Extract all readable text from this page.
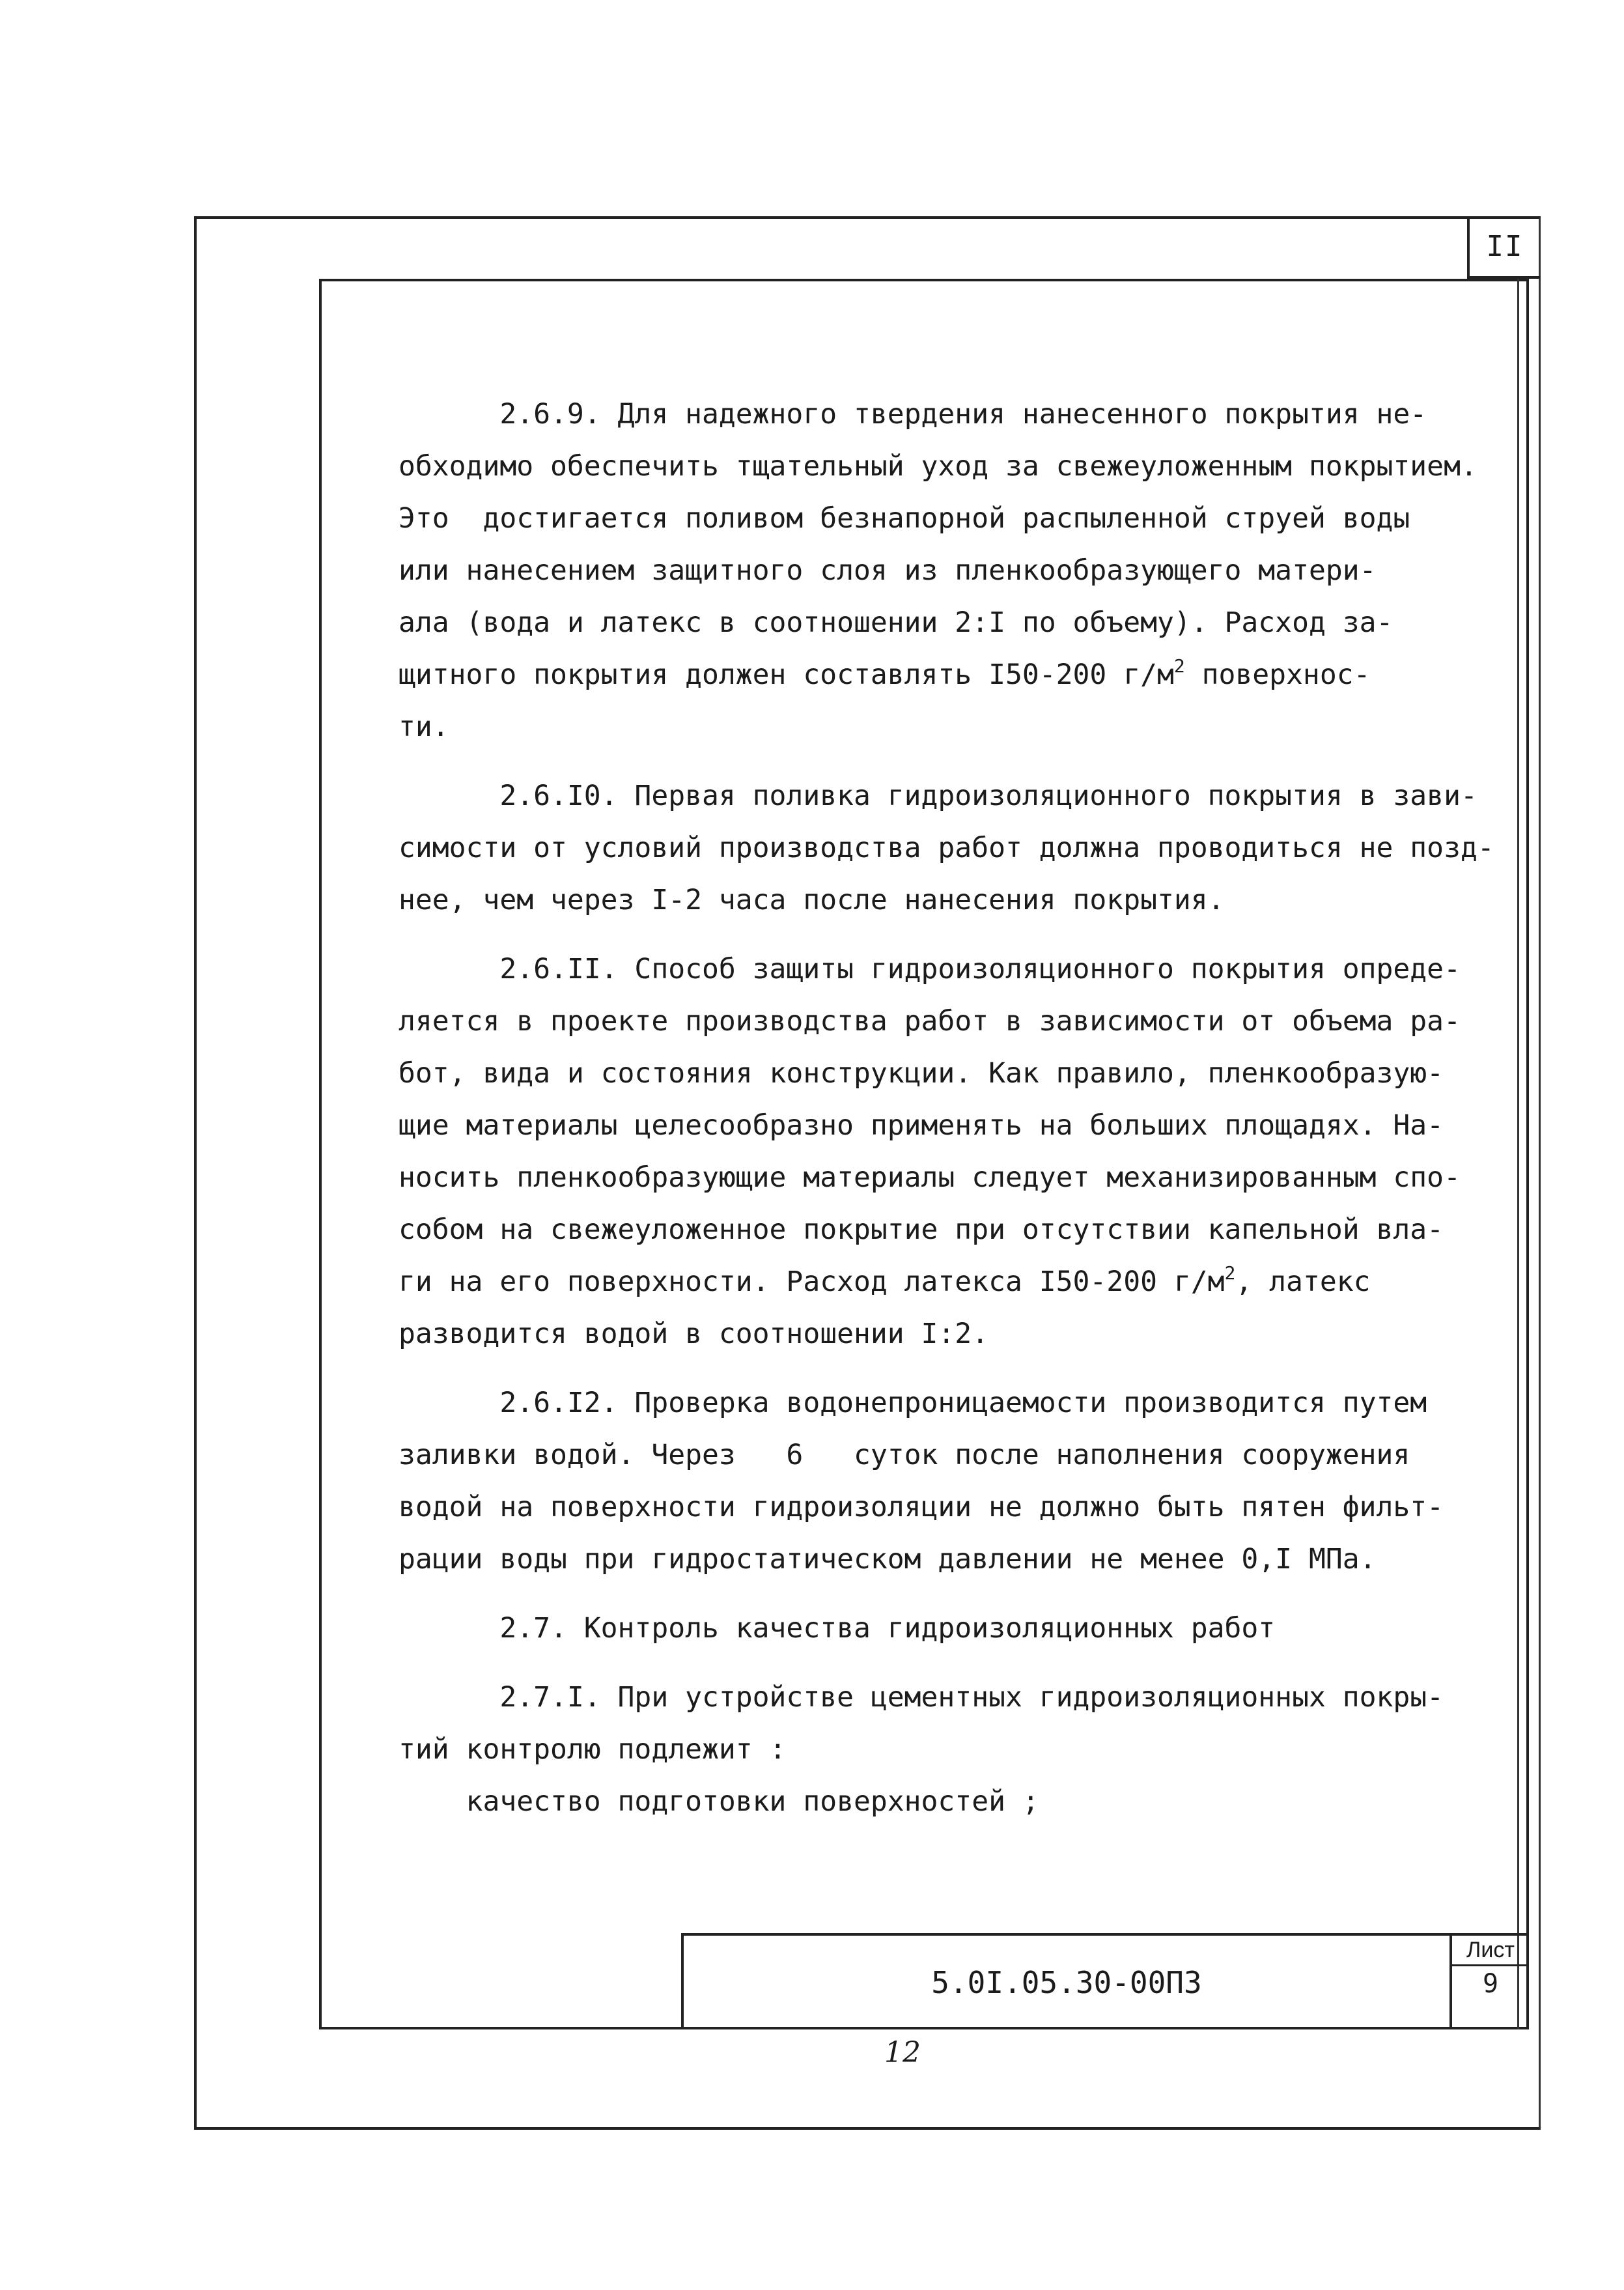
II
2.6.9. Для надежного твердения нанесенного покрытия не-
обходимо обеспечить тщательный уход за свежеуложенным покрытием.
Это  достигается поливом безнапорной распыленной струей воды
или нанесением защитного слоя из пленкообразующего матери-
ала (вода и латекс в соотношении 2:I по объему). Расход за-
щитного покрытия должен составлять I50-200 $г/м^2$ поверхнос-
ти.
2.6.I0. Первая поливка гидроизоляционного покрытия в зави-
симости от условий производства работ должна проводиться не позд-
нее, чем через I-2 часа после нанесения покрытия.
2.6.II. Способ защиты гидроизоляционного покрытия опреде-
ляется в проекте производства работ в зависимости от объема ра-
бот, вида и состояния конструкции. Как правило, пленкообразую-
щие материалы целесообразно применять на больших площадях. На-
носить пленкообразующие материалы следует механизированным спо-
собом на свежеуложенное покрытие при отсутствии капельной вла-
ги на его поверхности. Расход латекса I50-200 $г/м^2$, латекс
разводится водой в соотношении I:2.
2.6.I2. Проверка водонепроницаемости производится путем
заливки водой. Через   6   суток после наполнения сооружения
водой на поверхности гидроизоляции не должно быть пятен фильт-
рации воды при гидростатическом давлении не менее 0,I МПа.
2.7. Контроль качества гидроизоляционных работ
2.7.I. При устройстве цементных гидроизоляционных покры-
тий контролю подлежит :
качество подготовки поверхностей ;
5.0I.05.30-00ПЗ
Лист
9
12
